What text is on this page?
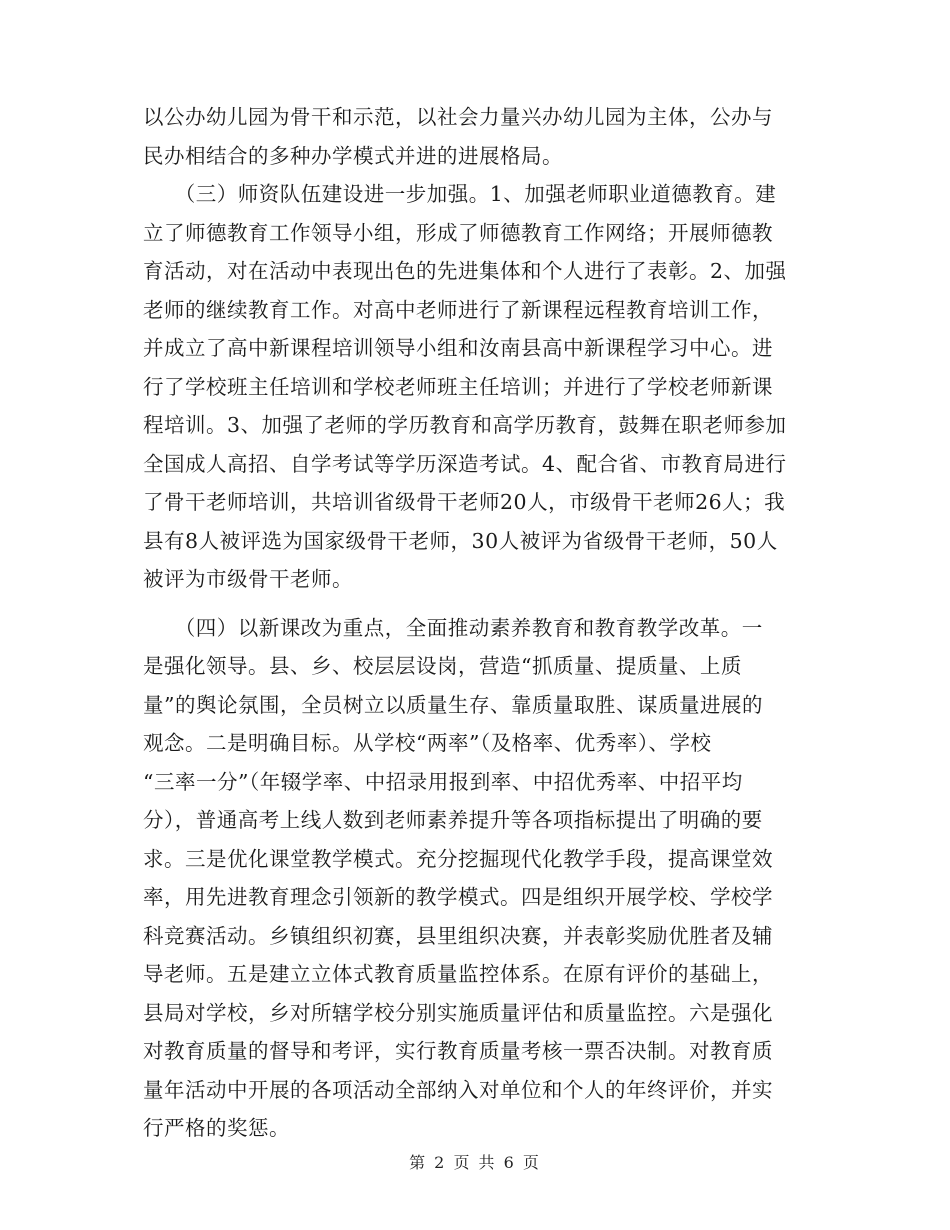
以公办幼儿园为骨干和示范，以社会力量兴办幼儿园为主体，公办与
民办相结合的多种办学模式并进的进展格局。
　　（三）师资队伍建设进一步加强。1、加强老师职业道德教育。建
立了师德教育工作领导小组，形成了师德教育工作网络；开展师德教
育活动，对在活动中表现出色的先进集体和个人进行了表彰。2、加强
老师的继续教育工作。对高中老师进行了新课程远程教育培训工作，
并成立了高中新课程培训领导小组和汝南县高中新课程学习中心。进
行了学校班主任培训和学校老师班主任培训；并进行了学校老师新课
程培训。3、加强了老师的学历教育和高学历教育，鼓舞在职老师参加
全国成人高招、自学考试等学历深造考试。4、配合省、市教育局进行
了骨干老师培训，共培训省级骨干老师20人，市级骨干老师26人；我
县有8人被评选为国家级骨干老师，30人被评为省级骨干老师，50人
被评为市级骨干老师。
　　（四）以新课改为重点，全面推动素养教育和教育教学改革。一
是强化领导。县、乡、校层层设岗，营造“抓质量、提质量、上质
量”的舆论氛围，全员树立以质量生存、靠质量取胜、谋质量进展的
观念。二是明确目标。从学校“两率”（及格率、优秀率）、学校
“三率一分”（年辍学率、中招录用报到率、中招优秀率、中招平均
分），普通高考上线人数到老师素养提升等各项指标提出了明确的要
求。三是优化课堂教学模式。充分挖掘现代化教学手段，提高课堂效
率，用先进教育理念引领新的教学模式。四是组织开展学校、学校学
科竞赛活动。乡镇组织初赛，县里组织决赛，并表彰奖励优胜者及辅
导老师。五是建立立体式教育质量监控体系。在原有评价的基础上，
县局对学校，乡对所辖学校分别实施质量评估和质量监控。六是强化
对教育质量的督导和考评，实行教育质量考核一票否决制。对教育质
量年活动中开展的各项活动全部纳入对单位和个人的年终评价，并实
行严格的奖惩。
第 2 页 共 6 页
